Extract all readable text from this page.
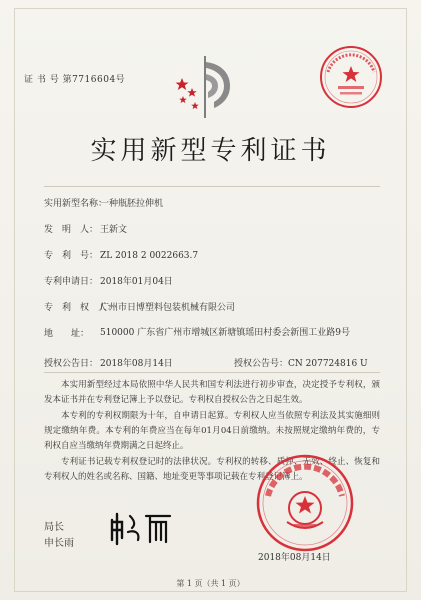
证 书 号 第7716604号
实用新型专利证书
实用新型名称：一种瓶胚拉伸机
发　明　人： 王新文
专　利　号： ZL 2018 2 0022663.7
专利申请日： 2018年01月04日
专　利　权　人：广州市日博塑料包装机械有限公司
地　　址： 510000 广东省广州市增城区新塘镇瑶田村委会新围工业路9号
授权公告日： 2018年08月14日	授权公告号：CN 207724816 U

本实用新型经过本局依照中华人民共和国专利法进行初步审查，决定授予专利权，颁发本证书并在专利登记簿上予以登记。专利权自授权公告之日起生效。

本专利的专利权期限为十年，自申请日起算。专利权人应当依照专利法及其实施细则规定缴纳年费。本专利的年费应当在每年01月04日前缴纳。未按照规定缴纳年费的，专利权自应当缴纳年费期满之日起终止。

专利证书记载专利权登记时的法律状况。专利权的转移、质押、无效、终止、恢复和专利权人的姓名或名称、国籍、地址变更等事项记载在专利登记簿上。

局长
申长雨
2018年08月14日
第 1 页（共 1 页）
